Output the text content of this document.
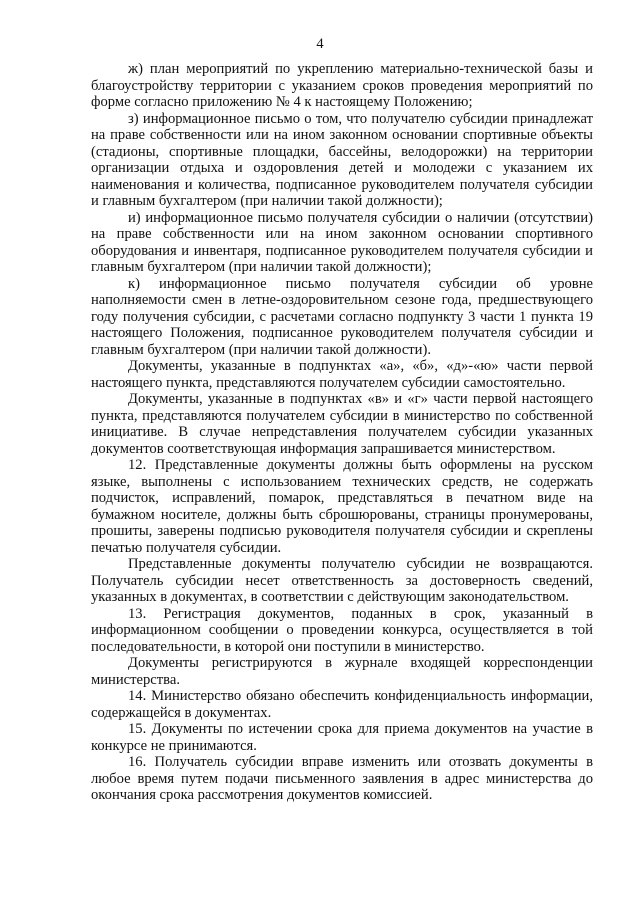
4

ж) план мероприятий по укреплению материально-технической базы и благоустройству территории с указанием сроков проведения мероприятий по форме согласно приложению № 4 к настоящему Положению;

з) информационное письмо о том, что получателю субсидии принадлежат на праве собственности или на ином законном основании спортивные объекты (стадионы, спортивные площадки, бассейны, велодорожки) на территории организации отдыха и оздоровления детей и молодежи с указанием их наименования и количества, подписанное руководителем получателя субсидии и главным бухгалтером (при наличии такой должности);

и) информационное письмо получателя субсидии о наличии (отсутствии) на праве собственности или на ином законном основании спортивного оборудования и инвентаря, подписанное руководителем получателя субсидии и главным бухгалтером (при наличии такой должности);

к) информационное письмо получателя субсидии об уровне наполняемости смен в летне-оздоровительном сезоне года, предшествующего году получения субсидии, с расчетами согласно подпункту 3 части 1 пункта 19 настоящего Положения, подписанное руководителем получателя субсидии и главным бухгалтером (при наличии такой должности).

Документы, указанные в подпунктах «а», «б», «д»-«ю» части первой настоящего пункта, представляются получателем субсидии самостоятельно.

Документы, указанные в подпунктах «в» и «г» части первой настоящего пункта, представляются получателем субсидии в министерство по собственной инициативе. В случае непредставления получателем субсидии указанных документов соответствующая информация запрашивается министерством.

12. Представленные документы должны быть оформлены на русском языке, выполнены с использованием технических средств, не содержать подчисток, исправлений, помарок, представляться в печатном виде на бумажном носителе, должны быть сброшюрованы, страницы пронумерованы, прошиты, заверены подписью руководителя получателя субсидии и скреплены печатью получателя субсидии.

Представленные документы получателю субсидии не возвращаются. Получатель субсидии несет ответственность за достоверность сведений, указанных в документах, в соответствии с действующим законодательством.

13. Регистрация документов, поданных в срок, указанный в информационном сообщении о проведении конкурса, осуществляется в той последовательности, в которой они поступили в министерство.

Документы регистрируются в журнале входящей корреспонденции министерства.

14. Министерство обязано обеспечить конфиденциальность информации, содержащейся в документах.

15. Документы по истечении срока для приема документов на участие в конкурсе не принимаются.

16. Получатель субсидии вправе изменить или отозвать документы в любое время путем подачи письменного заявления в адрес министерства до окончания срока рассмотрения документов комиссией.
